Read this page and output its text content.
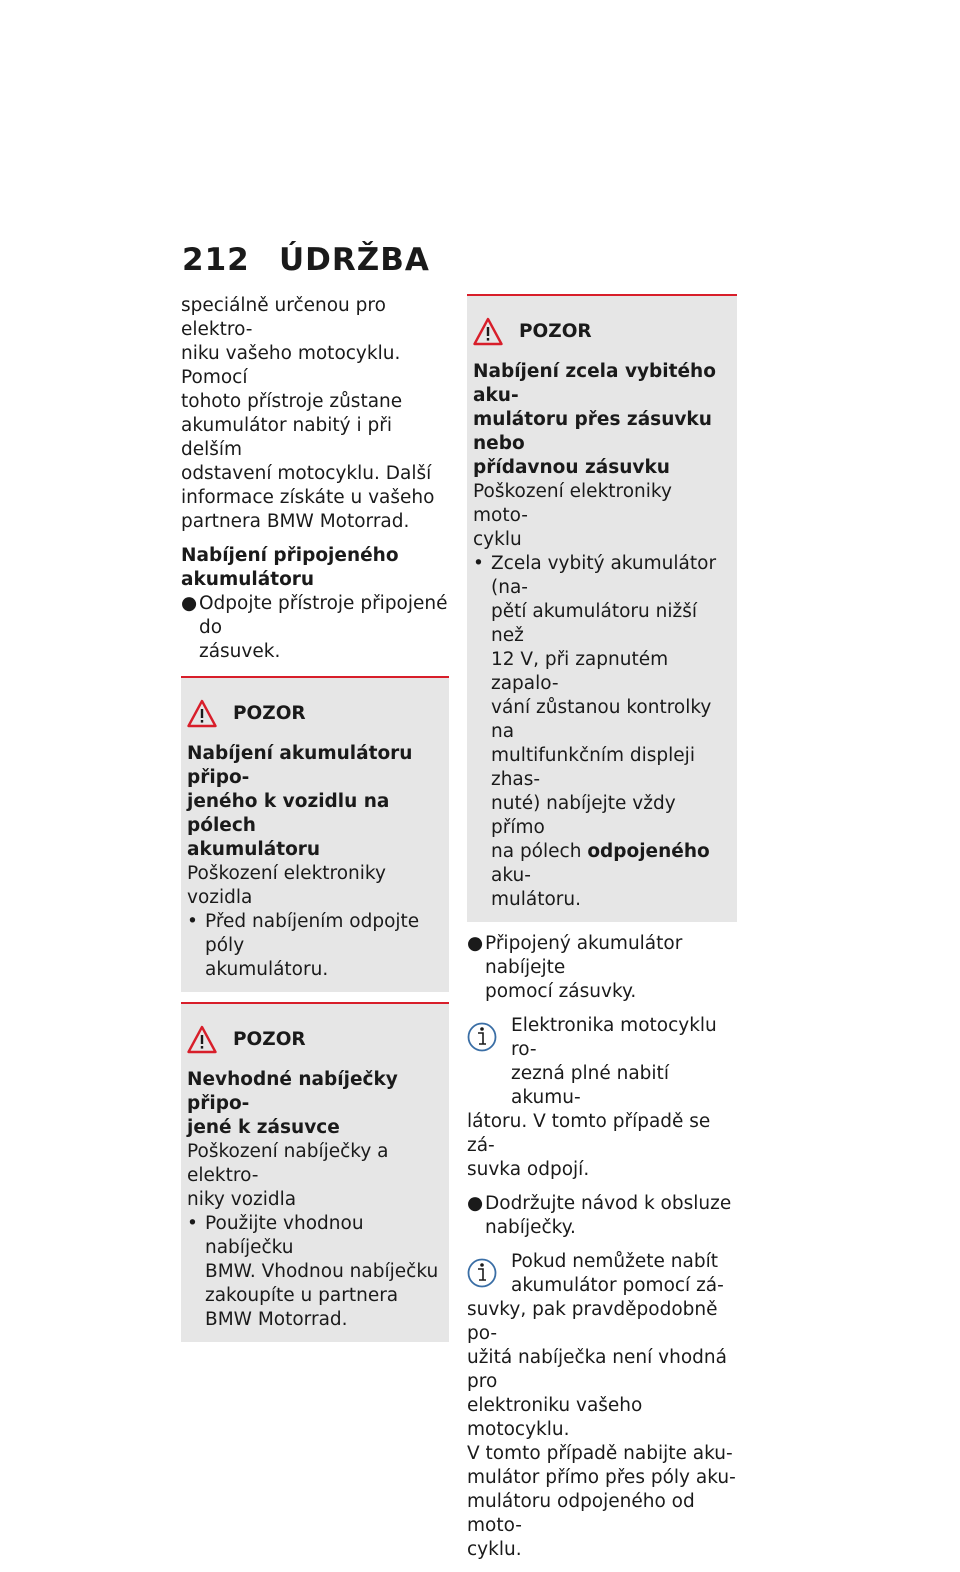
212 ÚDRŽBA

speciálně určenou pro elektro-

niku vašeho motocyklu. Pomocí

tohoto přístroje zůstane

akumulátor nabitý i při delším

odstavení motocyklu. Další

informace získáte u vašeho

partnera BMW Motorrad.

Nabíjení připojeného

akumulátoru

● Odpojte přístroje připojené do

zásuvek.

POZOR

Nabíjení akumulátoru připo-

jeného k vozidlu na pólech

akumulátoru

Poškození elektroniky vozidla

• Před nabíjením odpojte póly

akumulátoru.

POZOR

Nevhodné nabíječky připo-

jené k zásuvce

Poškození nabíječky a elektro-

niky vozidla

• Použijte vhodnou nabíječku

BMW. Vhodnou nabíječku

zakoupíte u partnera

BMW Motorrad.

POZOR

Nabíjení zcela vybitého aku-

mulátoru přes zásuvku nebo

přídavnou zásuvku

Poškození elektroniky moto-

cyklu

• Zcela vybitý akumulátor (na-

pětí akumulátoru nižší než

12 V, při zapnutém zapalo-

vání zůstanou kontrolky na

multifunkčním displeji zhas-

nuté) nabíjejte vždy přímo

na pólech odpojeného aku-

mulátoru.

● Připojený akumulátor nabíjejte

pomocí zásuvky.

Elektronika motocyklu ro-

zezná plné nabití akumu-

látoru. V tomto případě se zá-

suvka odpojí.

● Dodržujte návod k obsluze

nabíječky.

Pokud nemůžete nabít

akumulátor pomocí zá-

suvky, pak pravděpodobně po-

užitá nabíječka není vhodná pro

elektroniku vašeho motocyklu.

V tomto případě nabijte aku-

mulátor přímo přes póly aku-

mulátoru odpojeného od moto-

cyklu.
